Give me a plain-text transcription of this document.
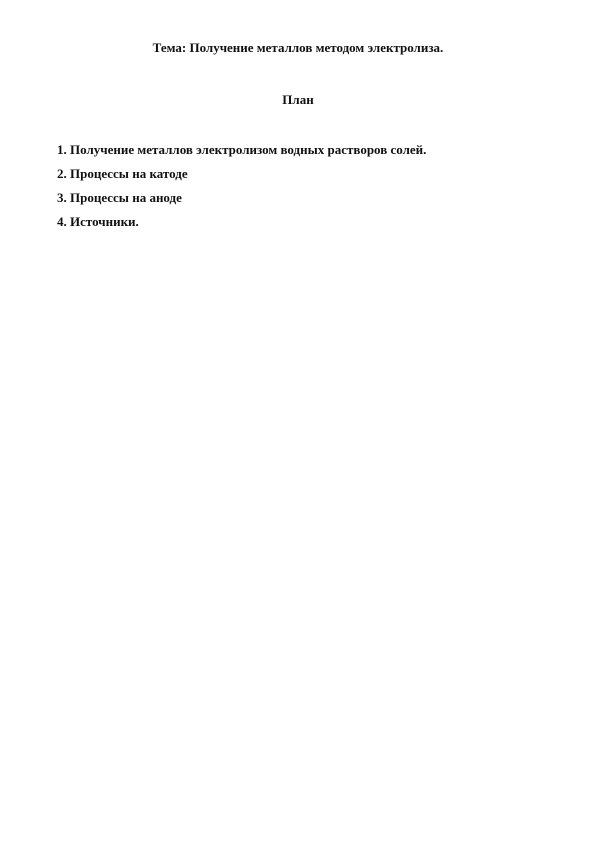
Тема: Получение металлов методом электролиза.
План
1. Получение металлов электролизом водных растворов солей.
2. Процессы на катоде
3. Процессы на аноде
4. Источники.
